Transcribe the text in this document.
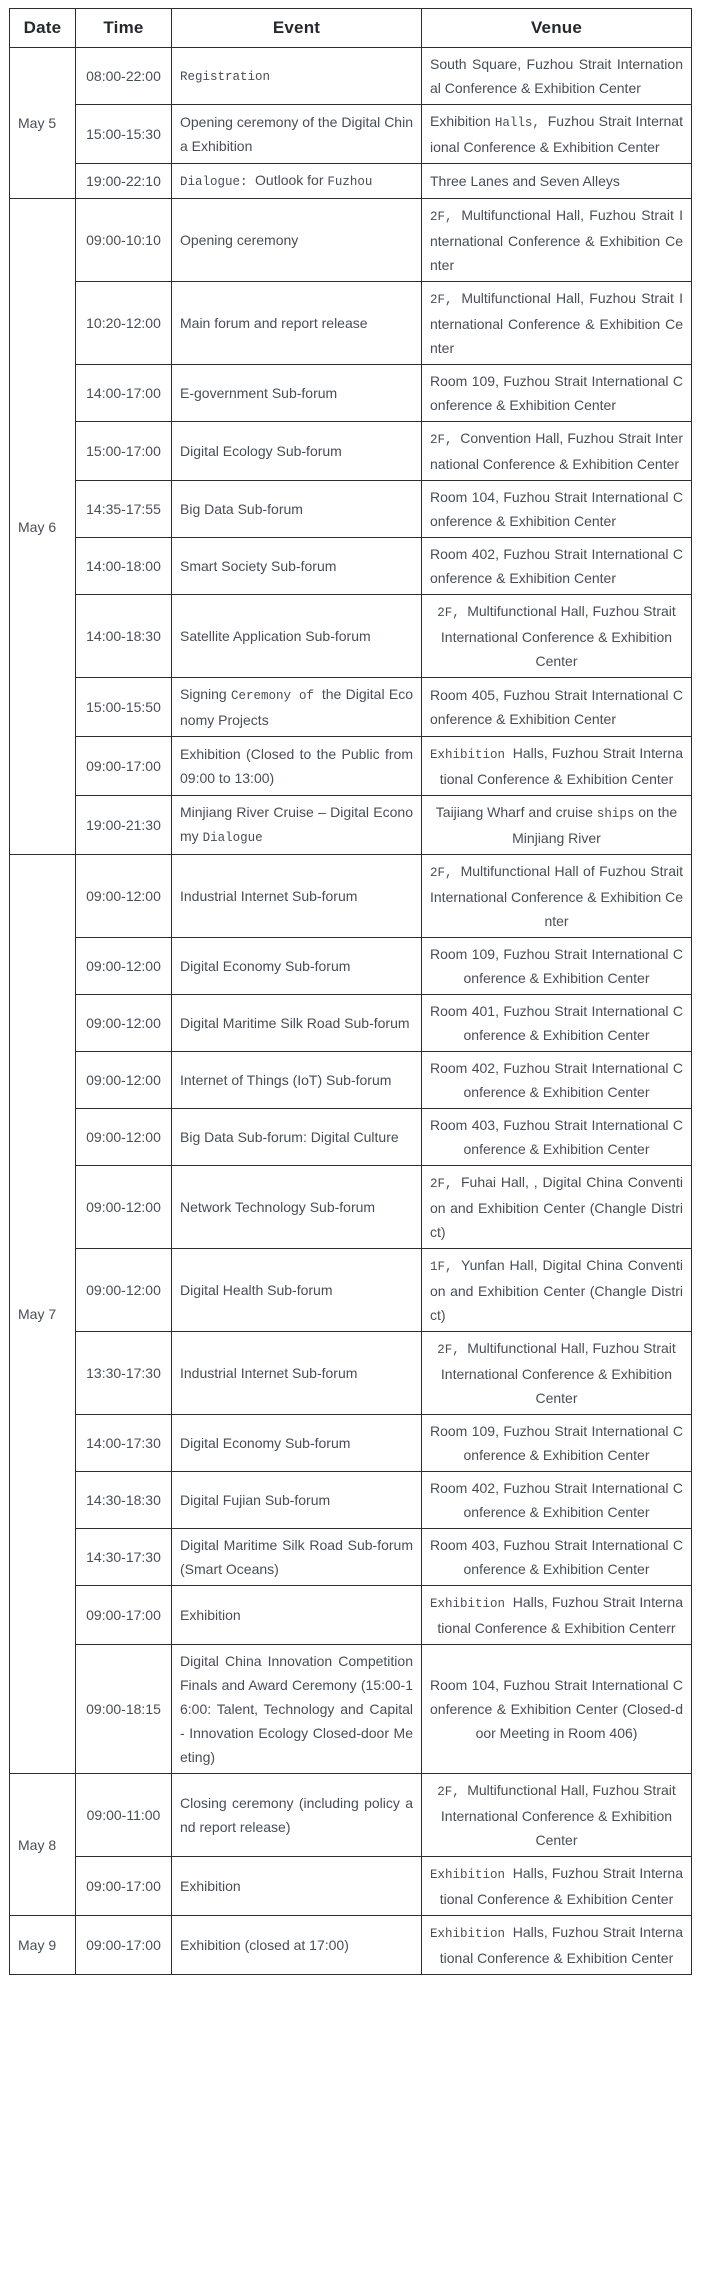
Date	Time	Event	Venue
May 5	08:00-22:00	Registration	South Square, Fuzhou Strait International Conference & Exhibition Center
	15:00-15:30	Opening ceremony of the Digital China Exhibition	Exhibition Halls, Fuzhou Strait International Conference & Exhibition Center
	19:00-22:10	Dialogue: Outlook for Fuzhou	Three Lanes and Seven Alleys
May 6	09:00-10:10	Opening ceremony	2F, Multifunctional Hall, Fuzhou Strait International Conference & Exhibition Center
	10:20-12:00	Main forum and report release	2F, Multifunctional Hall, Fuzhou Strait International Conference & Exhibition Center
	14:00-17:00	E-government Sub-forum	Room 109, Fuzhou Strait International Conference & Exhibition Center
	15:00-17:00	Digital Ecology Sub-forum	2F, Convention Hall, Fuzhou Strait International Conference & Exhibition Center
	14:35-17:55	Big Data Sub-forum	Room 104, Fuzhou Strait International Conference & Exhibition Center
	14:00-18:00	Smart Society Sub-forum	Room 402, Fuzhou Strait International Conference & Exhibition Center
	14:00-18:30	Satellite Application Sub-forum	2F, Multifunctional Hall, Fuzhou Strait International Conference & Exhibition Center
	15:00-15:50	Signing Ceremony of the Digital Economy Projects	Room 405, Fuzhou Strait International Conference & Exhibition Center
	09:00-17:00	Exhibition (Closed to the Public from 09:00 to 13:00)	Exhibition Halls, Fuzhou Strait International Conference & Exhibition Center
	19:00-21:30	Minjiang River Cruise – Digital Economy Dialogue	Taijiang Wharf and cruise ships on the Minjiang River
May 7	09:00-12:00	Industrial Internet Sub-forum	2F, Multifunctional Hall of Fuzhou Strait International Conference & Exhibition Center
	09:00-12:00	Digital Economy Sub-forum	Room 109, Fuzhou Strait International Conference & Exhibition Center
	09:00-12:00	Digital Maritime Silk Road Sub-forum	Room 401, Fuzhou Strait International Conference & Exhibition Center
	09:00-12:00	Internet of Things (IoT) Sub-forum	Room 402, Fuzhou Strait International Conference & Exhibition Center
	09:00-12:00	Big Data Sub-forum: Digital Culture	Room 403, Fuzhou Strait International Conference & Exhibition Center
	09:00-12:00	Network Technology Sub-forum	2F, Fuhai Hall, , Digital China Convention and Exhibition Center (Changle District)
	09:00-12:00	Digital Health Sub-forum	1F, Yunfan Hall, Digital China Convention and Exhibition Center (Changle District)
	13:30-17:30	Industrial Internet Sub-forum	2F, Multifunctional Hall, Fuzhou Strait International Conference & Exhibition Center
	14:00-17:30	Digital Economy Sub-forum	Room 109, Fuzhou Strait International Conference & Exhibition Center
	14:30-18:30	Digital Fujian Sub-forum	Room 402, Fuzhou Strait International Conference & Exhibition Center
	14:30-17:30	Digital Maritime Silk Road Sub-forum (Smart Oceans)	Room 403, Fuzhou Strait International Conference & Exhibition Center
	09:00-17:00	Exhibition	Exhibition Halls, Fuzhou Strait International Conference & Exhibition Centerr
	09:00-18:15	Digital China Innovation Competition Finals and Award Ceremony (15:00-16:00: Talent, Technology and Capital - Innovation Ecology Closed-door Meeting)	Room 104, Fuzhou Strait International Conference & Exhibition Center (Closed-door Meeting in Room 406)
May 8	09:00-11:00	Closing ceremony (including policy and report release)	2F, Multifunctional Hall, Fuzhou Strait International Conference & Exhibition Center
	09:00-17:00	Exhibition	Exhibition Halls, Fuzhou Strait International Conference & Exhibition Center
May 9	09:00-17:00	Exhibition (closed at 17:00)	Exhibition Halls, Fuzhou Strait International Conference & Exhibition Center
